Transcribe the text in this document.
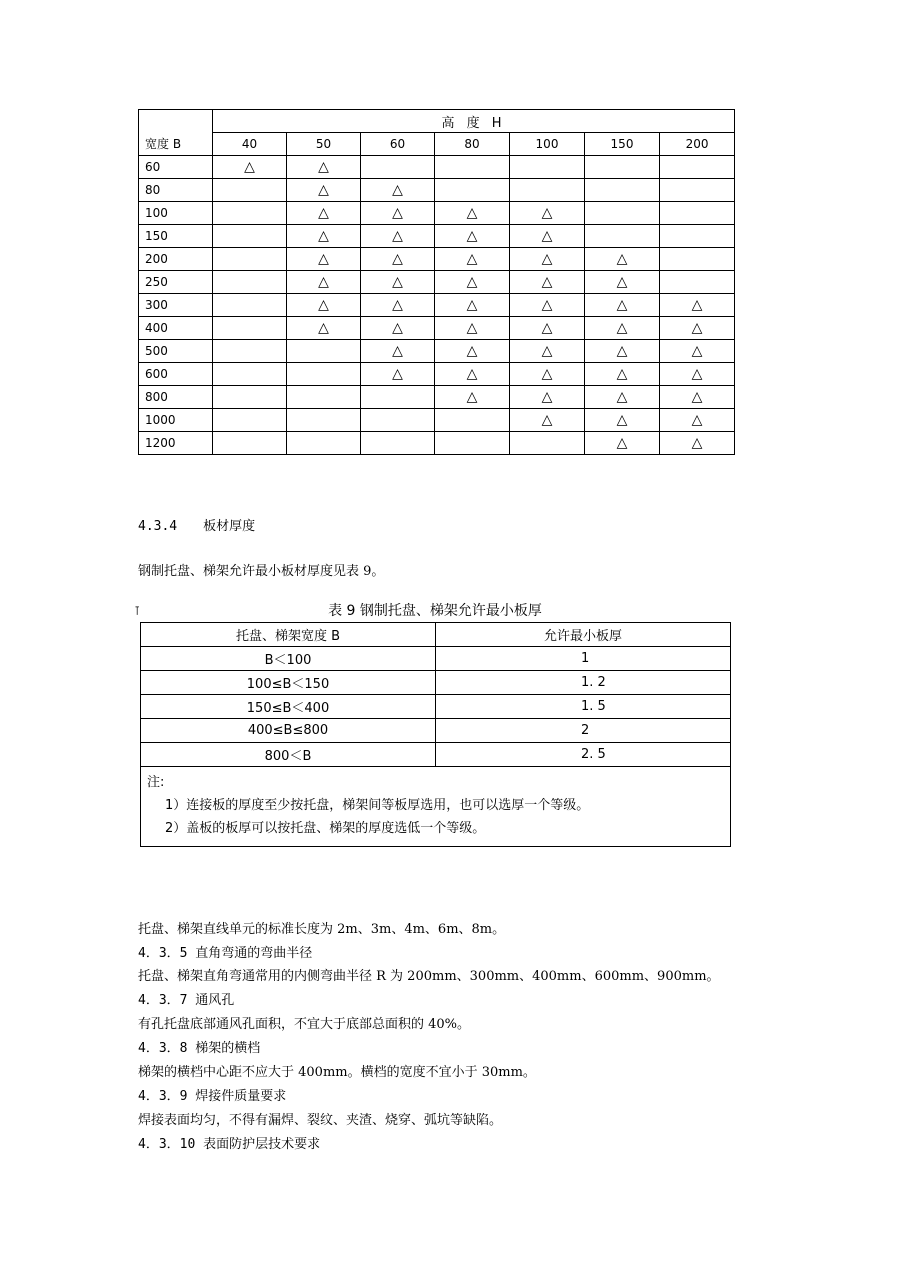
	高 度 H						
宽度 B	40	50	60	80	100	150	200
60	△	△					
80		△	△				
100		△	△	△	△		
150		△	△	△	△		
200		△	△	△	△	△	
250		△	△	△	△	△	
300		△	△	△	△	△	△
400		△	△	△	△	△	△
500			△	△	△	△	△
600			△	△	△	△	△
800				△	△	△	△
1000					△	△	△
1200						△	△
4.3.4　　板材厚度
钢制托盘、梯架允许最小板材厚度见表 9。
⊺	表 9 钢制托盘、梯架允许最小板厚
托盘、梯架宽度 B	允许最小板厚
B＜100	1
100≤B＜150	1. 2
150≤B＜400	1. 5
400≤B≤800	2
800＜B	2. 5

注:
1）连接板的厚度至少按托盘，梯架间等板厚选用，也可以选厚一个等级。
2）盖板的板厚可以按托盘、梯架的厚度选低一个等级。	
托盘、梯架直线单元的标准长度为 2m、3m、4m、6m、8m。
4．3．5 直角弯通的弯曲半径
托盘、梯架直角弯通常用的内侧弯曲半径 R 为 200mm、300mm、400mm、600mm、900mm。
4．3．7 通风孔
有孔托盘底部通风孔面积，不宜大于底部总面积的 40%。
4．3．8 梯架的横档
梯架的横档中心距不应大于 400mm。横档的宽度不宜小于 30mm。
4．3．9 焊接件质量要求
焊接表面均匀，不得有漏焊、裂纹、夹渣、烧穿、弧坑等缺陷。
4．3．10 表面防护层技术要求
